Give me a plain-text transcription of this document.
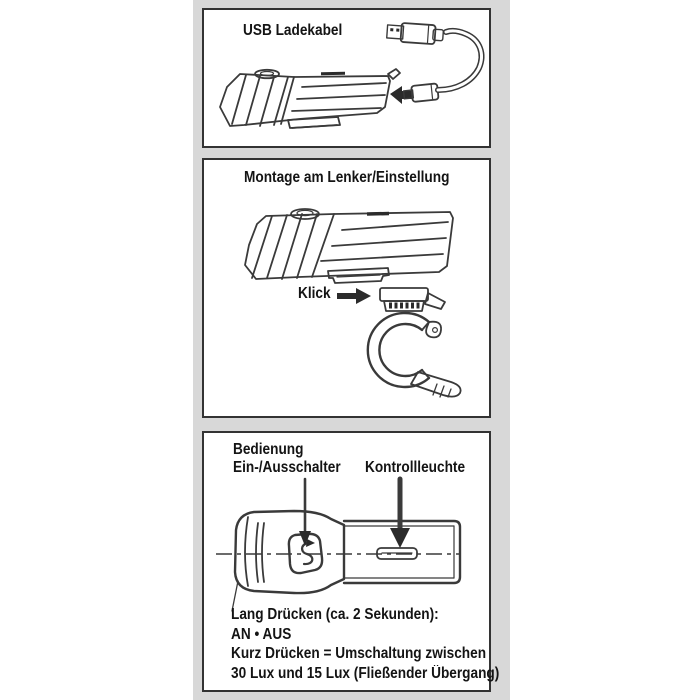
USB Ladekabel
Montage am Lenker/Einstellung
Klick
Bedienung
Ein-/Ausschalter	Kontrollleuchte
Lang Drücken (ca. 2 Sekunden):
AN • AUS
Kurz Drücken = Umschaltung zwischen
30 Lux und 15 Lux (Fließender Übergang)
